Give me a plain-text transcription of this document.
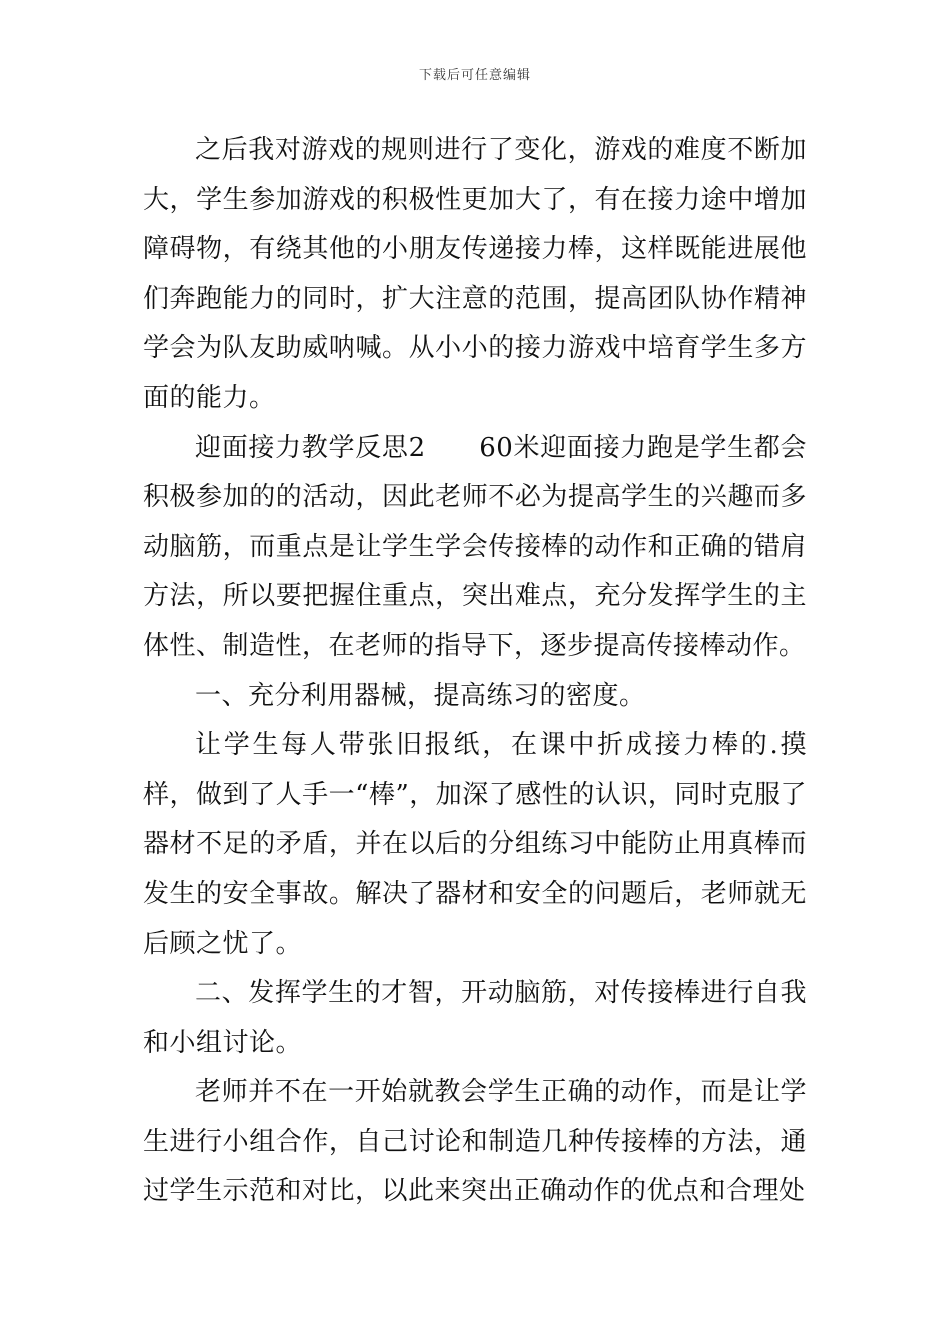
下载后可任意编辑

之后我对游戏的规则进行了变化，游戏的难度不断加大，学生参加游戏的积极性更加大了，有在接力途中增加障碍物，有绕其他的小朋友传递接力棒，这样既能进展他们奔跑能力的同时，扩大注意的范围，提高团队协作精神学会为队友助威呐喊。从小小的接力游戏中培育学生多方面的能力。

迎面接力教学反思2　　60米迎面接力跑是学生都会积极参加的的活动，因此老师不必为提高学生的兴趣而多动脑筋，而重点是让学生学会传接棒的动作和正确的错肩方法，所以要把握住重点，突出难点，充分发挥学生的主体性、制造性，在老师的指导下，逐步提高传接棒动作。

一、充分利用器械，提高练习的密度。

让学生每人带张旧报纸，在课中折成接力棒的.摸样，做到了人手一“棒”，加深了感性的认识，同时克服了器材不足的矛盾，并在以后的分组练习中能防止用真棒而发生的安全事故。解决了器材和安全的问题后，老师就无后顾之忧了。

二、发挥学生的才智，开动脑筋，对传接棒进行自我和小组讨论。

老师并不在一开始就教会学生正确的动作，而是让学生进行小组合作，自己讨论和制造几种传接棒的方法，通过学生示范和对比，以此来突出正确动作的优点和合理处
